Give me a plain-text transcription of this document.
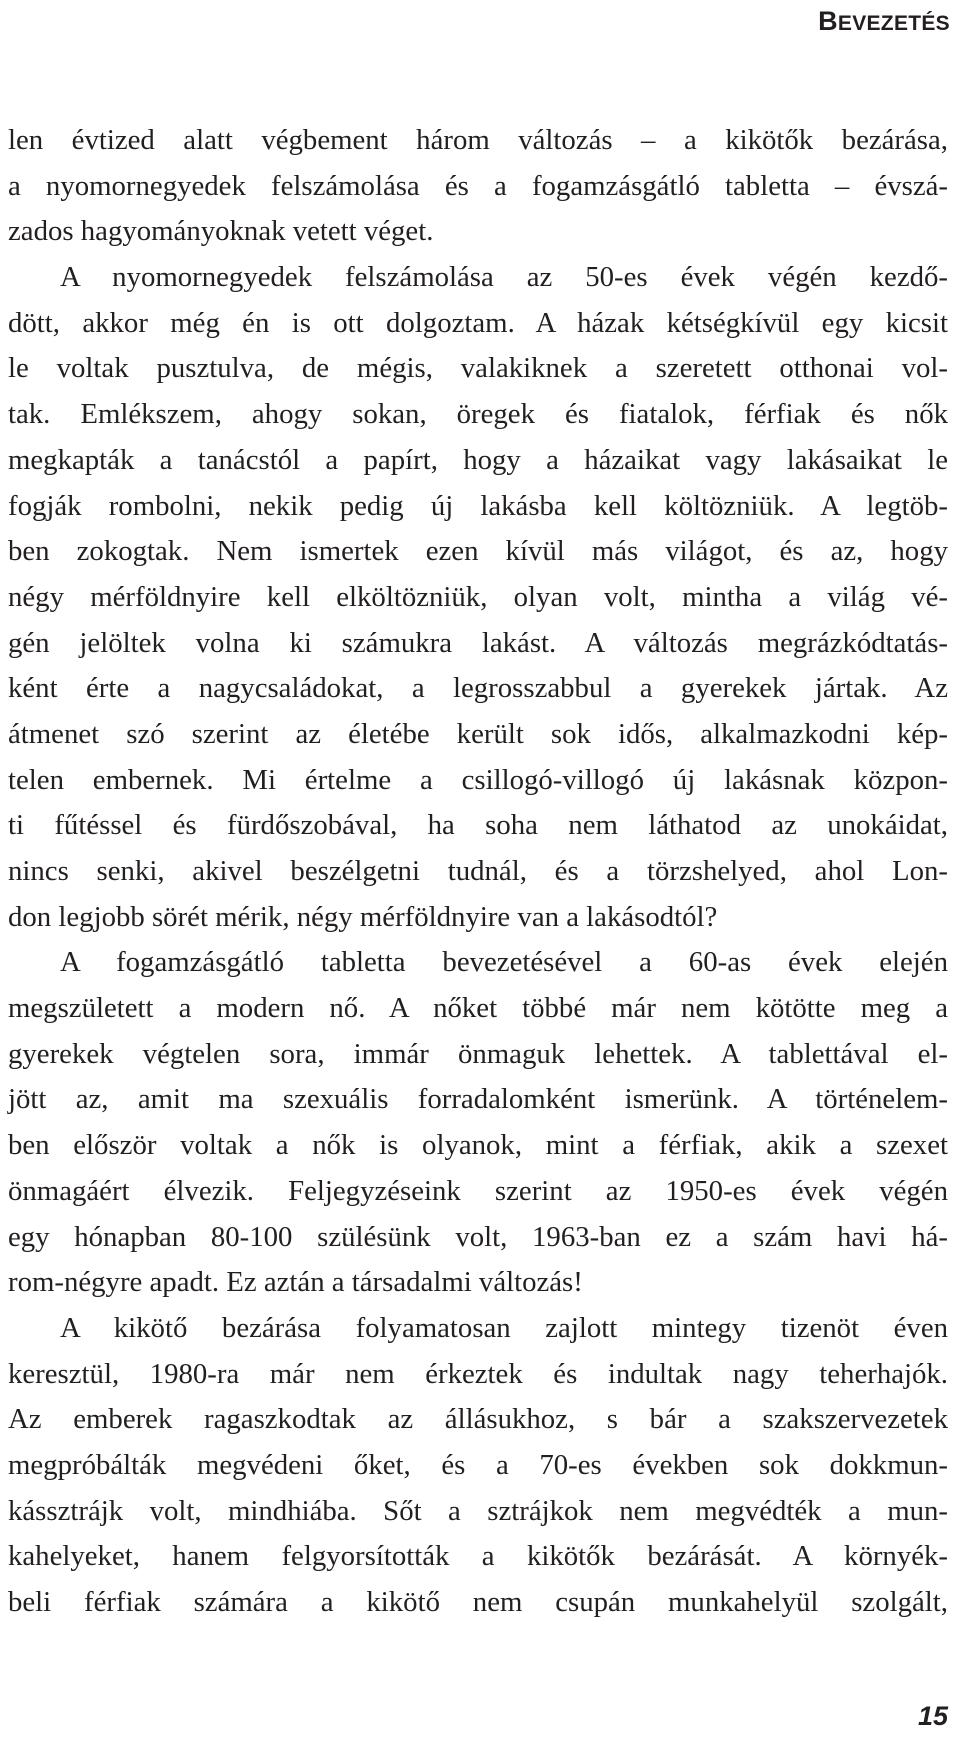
BEVEZETÉS
len évtized alatt végbement három változás – a kikötők bezárása,
a nyomornegyedek felszámolása és a fogamzásgátló tabletta – évszá-
zados hagyományoknak vetett véget.
A nyomornegyedek felszámolása az 50-es évek végén kezdő-
dött, akkor még én is ott dolgoztam. A házak kétségkívül egy kicsit
le voltak pusztulva, de mégis, valakiknek a szeretett otthonai vol-
tak. Emlékszem, ahogy sokan, öregek és fiatalok, férfiak és nők
megkapták a tanácstól a papírt, hogy a házaikat vagy lakásaikat le
fogják rombolni, nekik pedig új lakásba kell költözniük. A legtöb-
ben zokogtak. Nem ismertek ezen kívül más világot, és az, hogy
négy mérföldnyire kell elköltözniük, olyan volt, mintha a világ vé-
gén jelöltek volna ki számukra lakást. A változás megrázkódtatás-
ként érte a nagycsaládokat, a legrosszabbul a gyerekek jártak. Az
átmenet szó szerint az életébe került sok idős, alkalmazkodni kép-
telen embernek. Mi értelme a csillogó-villogó új lakásnak közpon-
ti fűtéssel és fürdőszobával, ha soha nem láthatod az unokáidat,
nincs senki, akivel beszélgetni tudnál, és a törzshelyed, ahol Lon-
don legjobb sörét mérik, négy mérföldnyire van a lakásodtól?
A fogamzásgátló tabletta bevezetésével a 60-as évek elején
megszületett a modern nő. A nőket többé már nem kötötte meg a
gyerekek végtelen sora, immár önmaguk lehettek. A tablettával el-
jött az, amit ma szexuális forradalomként ismerünk. A történelem-
ben először voltak a nők is olyanok, mint a férfiak, akik a szexet
önmagáért élvezik. Feljegyzéseink szerint az 1950-es évek végén
egy hónapban 80-100 szülésünk volt, 1963-ban ez a szám havi há-
rom-négyre apadt. Ez aztán a társadalmi változás!
A kikötő bezárása folyamatosan zajlott mintegy tizenöt éven
keresztül, 1980-ra már nem érkeztek és indultak nagy teherhajók.
Az emberek ragaszkodtak az állásukhoz, s bár a szakszervezetek
megpróbálták megvédeni őket, és a 70-es években sok dokkmun-
kássztrájk volt, mindhiába. Sőt a sztrájkok nem megvédték a mun-
kahelyeket, hanem felgyorsították a kikötők bezárását. A környék-
beli férfiak számára a kikötő nem csupán munkahelyül szolgált,
15
